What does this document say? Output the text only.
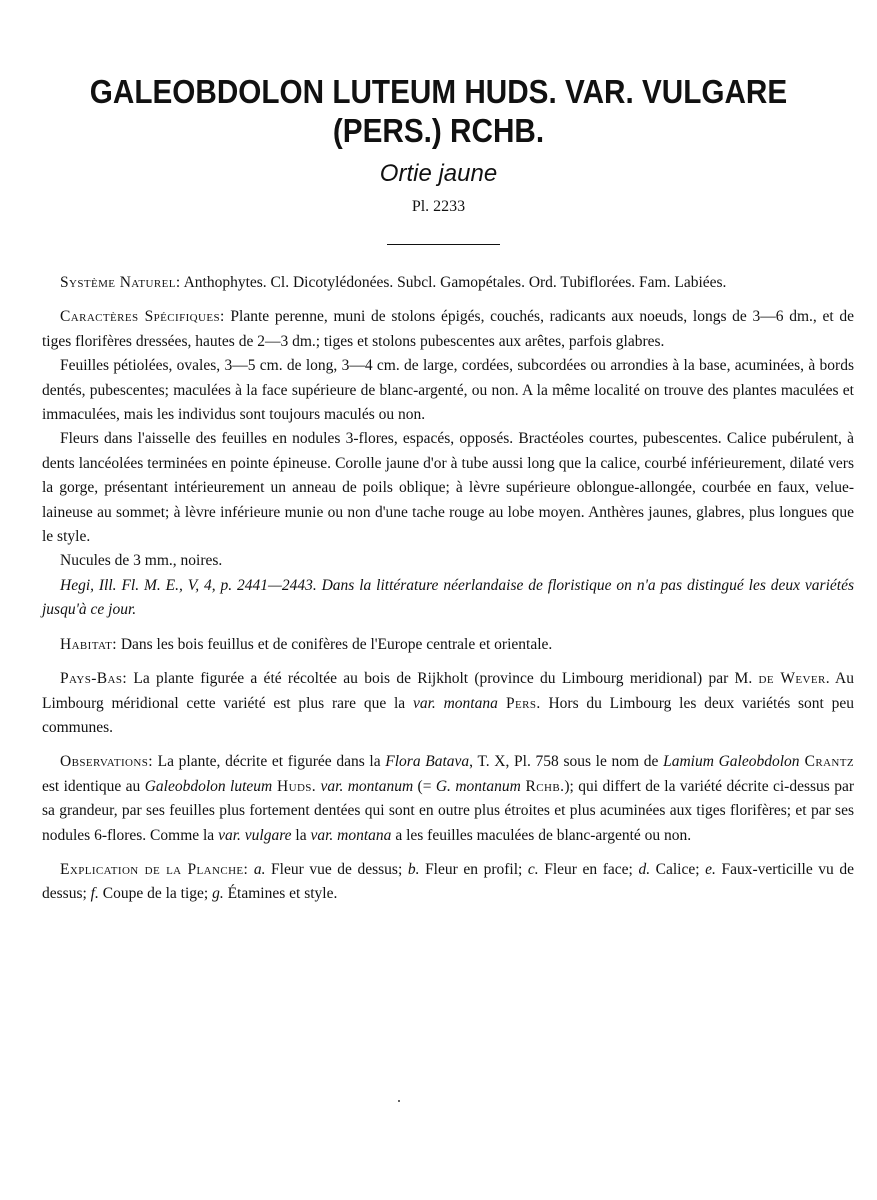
GALEOBDOLON LUTEUM HUDS. VAR. VULGARE
(PERS.) RCHB.
Ortie jaune
Pl. 2233

Système Naturel: Anthophytes. Cl. Dicotylédonées. Subcl. Gamopétales. Ord. Tubiflorées. Fam. Labiées.

Caractères Spécifiques: Plante perenne, muni de stolons épigés, couchés, radicants aux noeuds, longs de 3—6 dm., et de tiges florifères dressées, hautes de 2—3 dm.; tiges et stolons pubescentes aux arêtes, parfois glabres.

Feuilles pétiolées, ovales, 3—5 cm. de long, 3—4 cm. de large, cordées, subcordées ou arrondies à la base, acuminées, à bords dentés, pubescentes; maculées à la face supérieure de blanc-argenté, ou non. A la même localité on trouve des plantes maculées et immaculées, mais les individus sont toujours maculés ou non.

Fleurs dans l'aisselle des feuilles en nodules 3-flores, espacés, opposés. Bractéoles courtes, pubescentes. Calice pubérulent, à dents lancéolées terminées en pointe épineuse. Corolle jaune d'or à tube aussi long que la calice, courbé inférieurement, dilaté vers la gorge, présentant intérieurement un anneau de poils oblique; à lèvre supérieure oblongue-allongée, courbée en faux, velue-laineuse au sommet; à lèvre inférieure munie ou non d'une tache rouge au lobe moyen. Anthères jaunes, glabres, plus longues que le style.

Nucules de 3 mm., noires.

Hegi, Ill. Fl. M. E., V, 4, p. 2441—2443. Dans la littérature néerlandaise de floristique on n'a pas distingué les deux variétés jusqu'à ce jour.

Habitat: Dans les bois feuillus et de conifères de l'Europe centrale et orientale.

Pays-Bas: La plante figurée a été récoltée au bois de Rijkholt (province du Limbourg meridional) par M. de Wever. Au Limbourg méridional cette variété est plus rare que la var. montana Pers. Hors du Limbourg les deux variétés sont peu communes.

Observations: La plante, décrite et figurée dans la Flora Batava, T. X, Pl. 758 sous le nom de Lamium Galeobdolon Crantz est identique au Galeobdolon luteum Huds. var. montanum (= G. montanum Rchb.); qui differt de la variété décrite ci-dessus par sa grandeur, par ses feuilles plus fortement dentées qui sont en outre plus étroites et plus acuminées aux tiges florifères; et par ses nodules 6-flores. Comme la var. vulgare la var. montana a les feuilles maculées de blanc-argenté ou non.

Explication de la Planche: a. Fleur vue de dessus; b. Fleur en profil; c. Fleur en face; d. Calice; e. Faux-verticille vu de dessus; f. Coupe de la tige; g. Étamines et style.
